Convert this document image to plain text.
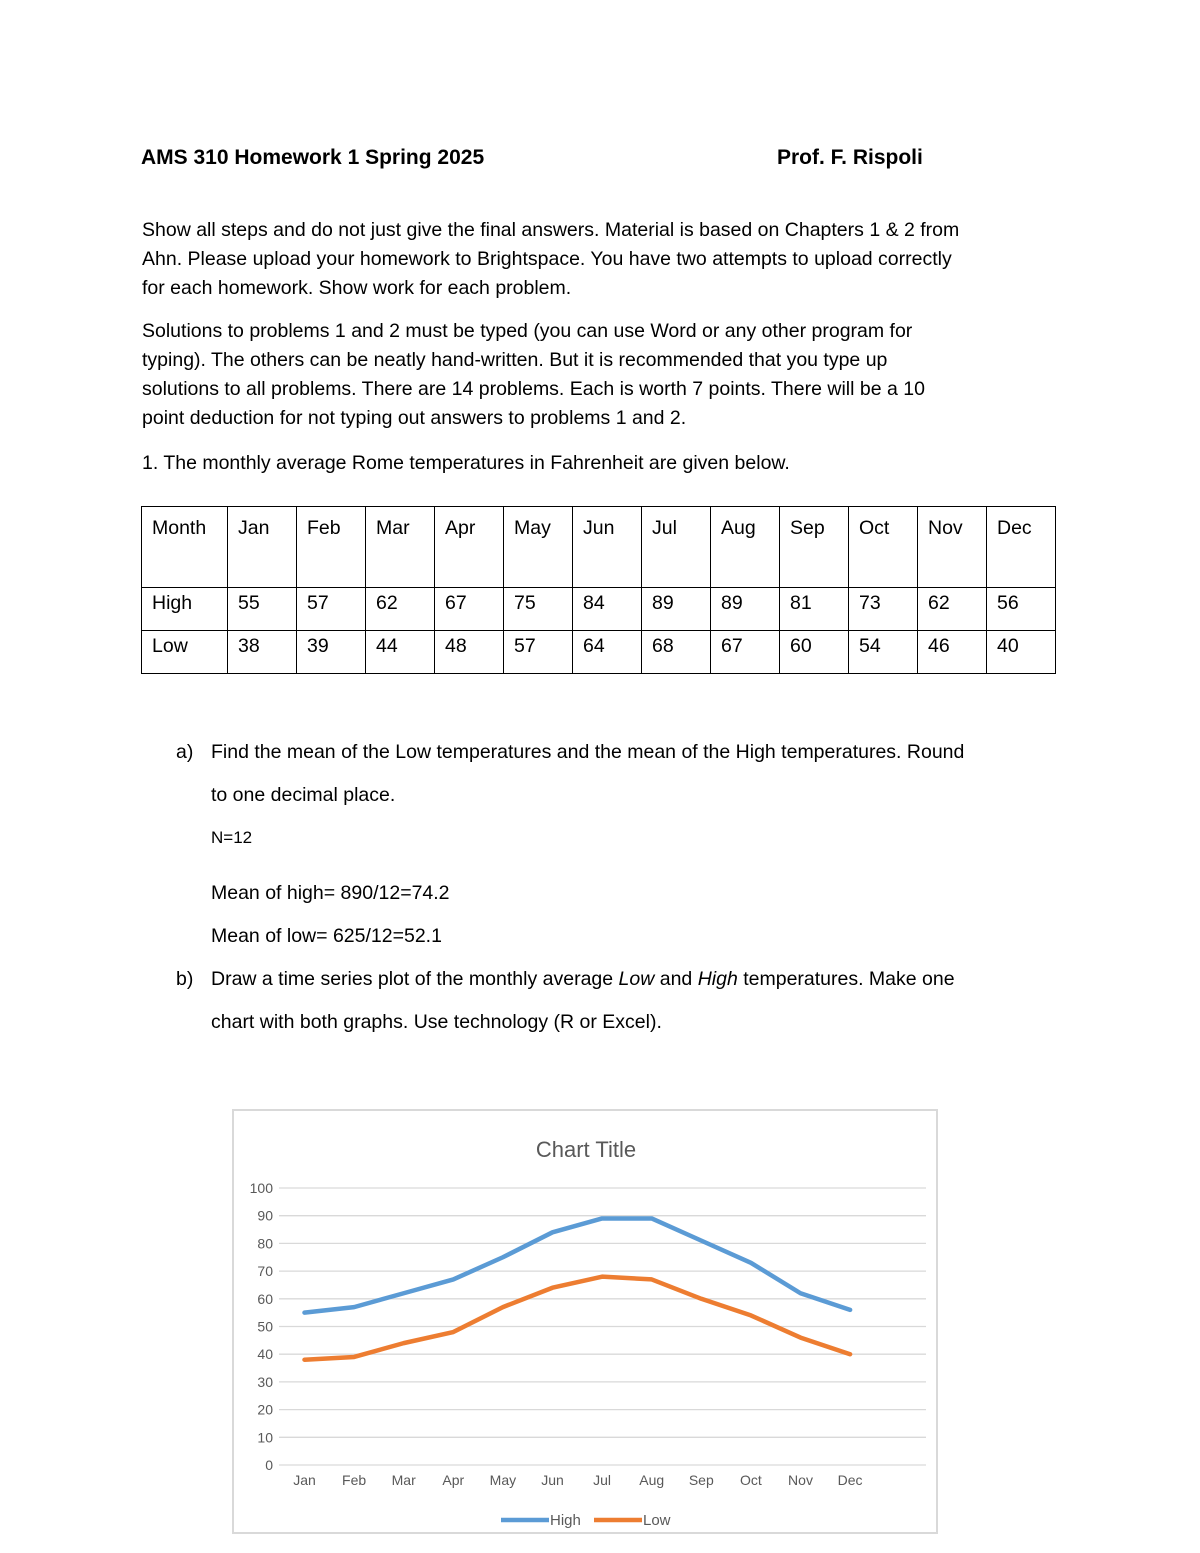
AMS 310 Homework 1 Spring 2025	Prof. F. Rispoli

Show all steps and do not just give the final answers. Material is based on Chapters 1 & 2 from

Ahn. Please upload your homework to Brightspace. You have two attempts to upload correctly

for each homework. Show work for each problem.

Solutions to problems 1 and 2 must be typed (you can use Word or any other program for

typing). The others can be neatly hand-written. But it is recommended that you type up

solutions to all problems. There are 14 problems. Each is worth 7 points. There will be a 10

point deduction for not typing out answers to problems 1 and 2.

1. The monthly average Rome temperatures in Fahrenheit are given below.
Month	Jan	Feb	Mar	Apr	May	Jun	Jul	Aug	Sep	Oct	Nov	Dec
High	55	57	62	67	75	84	89	89	81	73	62	56
Low	38	39	44	48	57	64	68	67	60	54	46	40
a) Find the mean of the Low temperatures and the mean of the High temperatures. Round
to one decimal place.
N=12
Mean of high= 890/12=74.2
Mean of low= 625/12=52.1
b) Draw a time series plot of the monthly average Low and High temperatures. Make one
chart with both graphs. Use technology (R or Excel).
Chart Title
0
10
20
30
40
50
60
70
80
90
100
Jan Feb Mar Apr May Jun Jul Aug Sep Oct Nov Dec
High	Low
